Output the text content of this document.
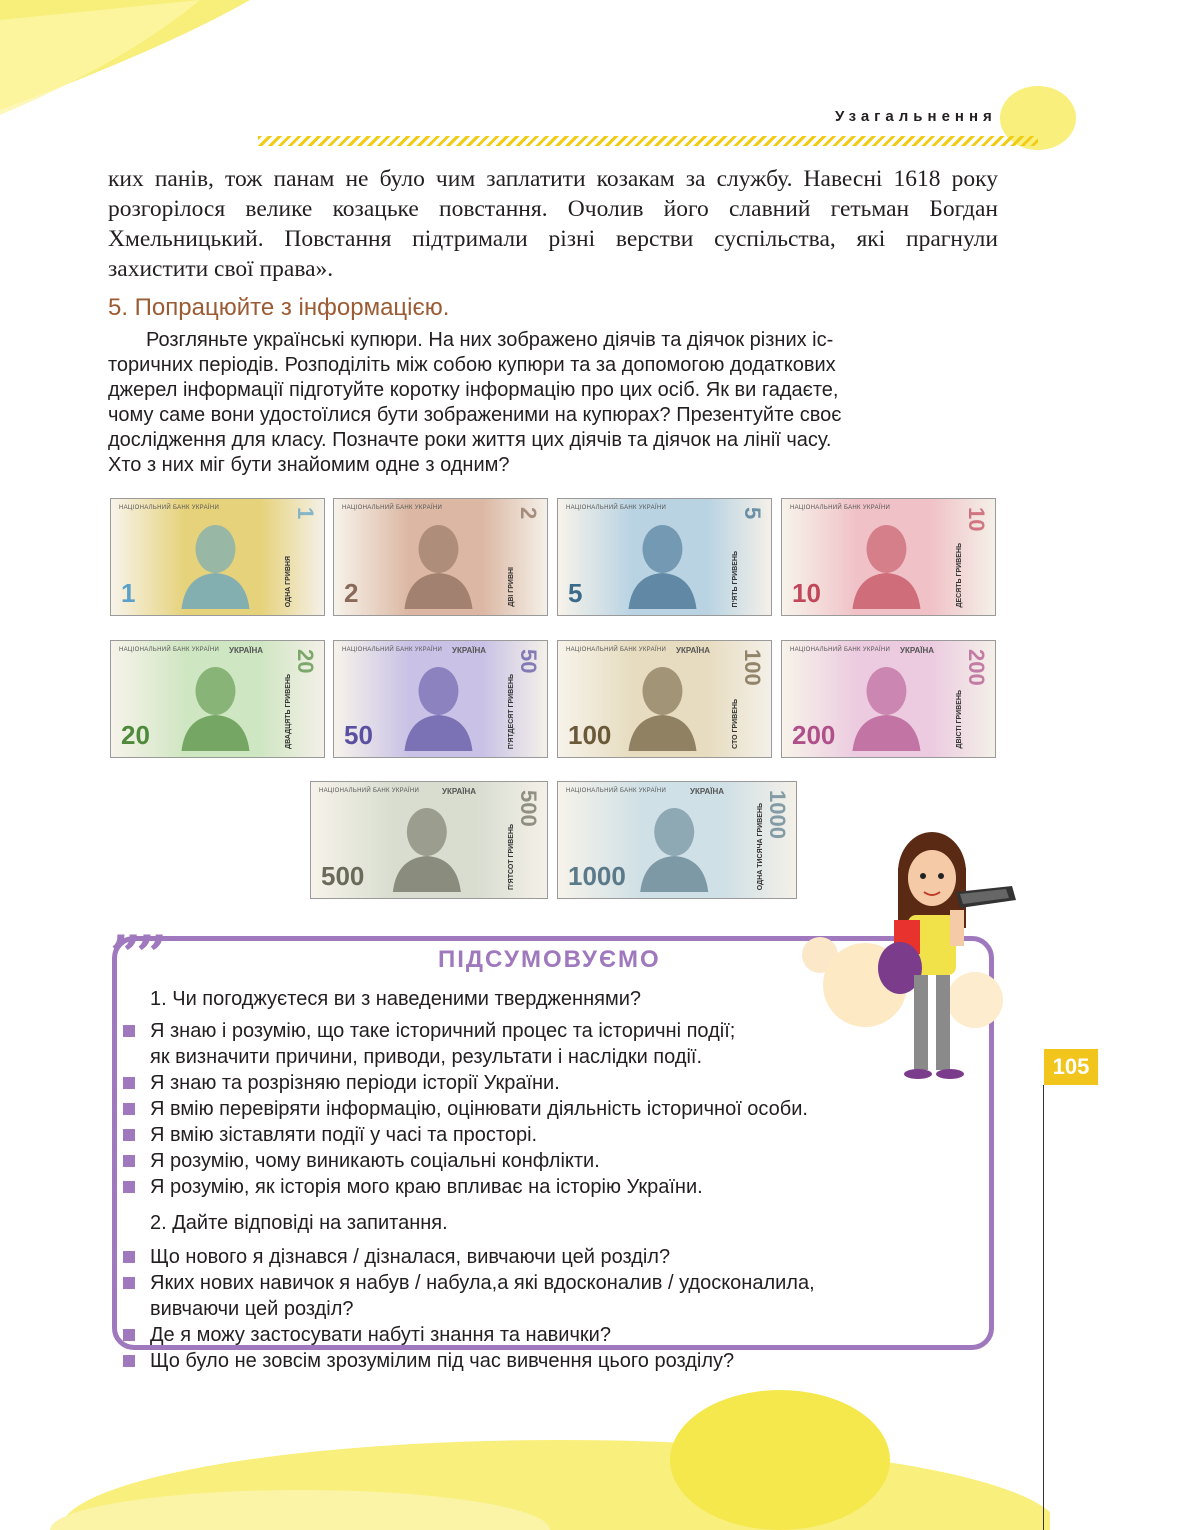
Узагальнення
ких панів, тож панам не було чим заплатити козакам за службу. Навесні 1618 року розгорілося велике козацьке повстання. Очолив його славний гетьман Богдан Хмельницький. Повстання підтримали різні верстви суспільства, які прагнули захистити свої права».
5. Попрацюйте з інформацією.
Розгляньте українські купюри. На них зображено діячів та діячок різних іс-
торичних періодів. Розподіліть між собою купюри та за допомогою додаткових
джерел інформації підготуйте коротку інформацію про цих осіб. Як ви гадаєте,
чому саме вони удостоїлися бути зображеними на купюрах? Презентуйте своє
дослідження для класу. Позначте роки життя цих діячів та діячок на лінії часу.
Хто з них міг бути знайомим одне з одним?
НАЦІОНАЛЬНИЙ БАНК УКРАЇНИ
1
1
ОДНА ГРИВНЯ
НАЦІОНАЛЬНИЙ БАНК УКРАЇНИ
2
2
ДВІ ГРИВНІ
НАЦІОНАЛЬНИЙ БАНК УКРАЇНИ
5
5
П'ЯТЬ ГРИВЕНЬ
НАЦІОНАЛЬНИЙ БАНК УКРАЇНИ
10
10
ДЕСЯТЬ ГРИВЕНЬ
НАЦІОНАЛЬНИЙ БАНК УКРАЇНИ УКРАЇНА
20
20
ДВАДЦЯТЬ ГРИВЕНЬ
НАЦІОНАЛЬНИЙ БАНК УКРАЇНИ УКРАЇНА
50
50
П'ЯТДЕСЯТ ГРИВЕНЬ
НАЦІОНАЛЬНИЙ БАНК УКРАЇНИ УКРАЇНА
100
100
СТО ГРИВЕНЬ
НАЦІОНАЛЬНИЙ БАНК УКРАЇНИ УКРАЇНА
200
200
ДВІСТІ ГРИВЕНЬ
НАЦІОНАЛЬНИЙ БАНК УКРАЇНИ	УКРАЇНА
500
500
П'ЯТСОТ ГРИВЕНЬ
НАЦІОНАЛЬНИЙ БАНК УКРАЇНИ	УКРАЇНА
1000
1000
ОДНА ТИСЯЧА ГРИВЕНЬ
”
”	ПІДСУМОВУЄМО
1. Чи погоджуєтеся ви з наведеними твердженнями?
Я знаю і розумію, що таке історичний процес та історичні події;
як визначити причини, приводи, результати і наслідки події.
Я знаю та розрізняю періоди історії України.
Я вмію перевіряти інформацію, оцінювати діяльність історичної особи.
Я вмію зіставляти події у часі та просторі.
Я розумію, чому виникають соціальні конфлікти.
Я розумію, як історія мого краю впливає на історію України.
2. Дайте відповіді на запитання.
Що нового я дізнався / дізналася, вивчаючи цей розділ?
Яких нових навичок я набув / набула,а які вдосконалив / удосконалила,
вивчаючи цей розділ?
Де я можу застосувати набуті знання та навички?
Що було не зовсім зрозумілим під час вивчення цього розділу?
105
